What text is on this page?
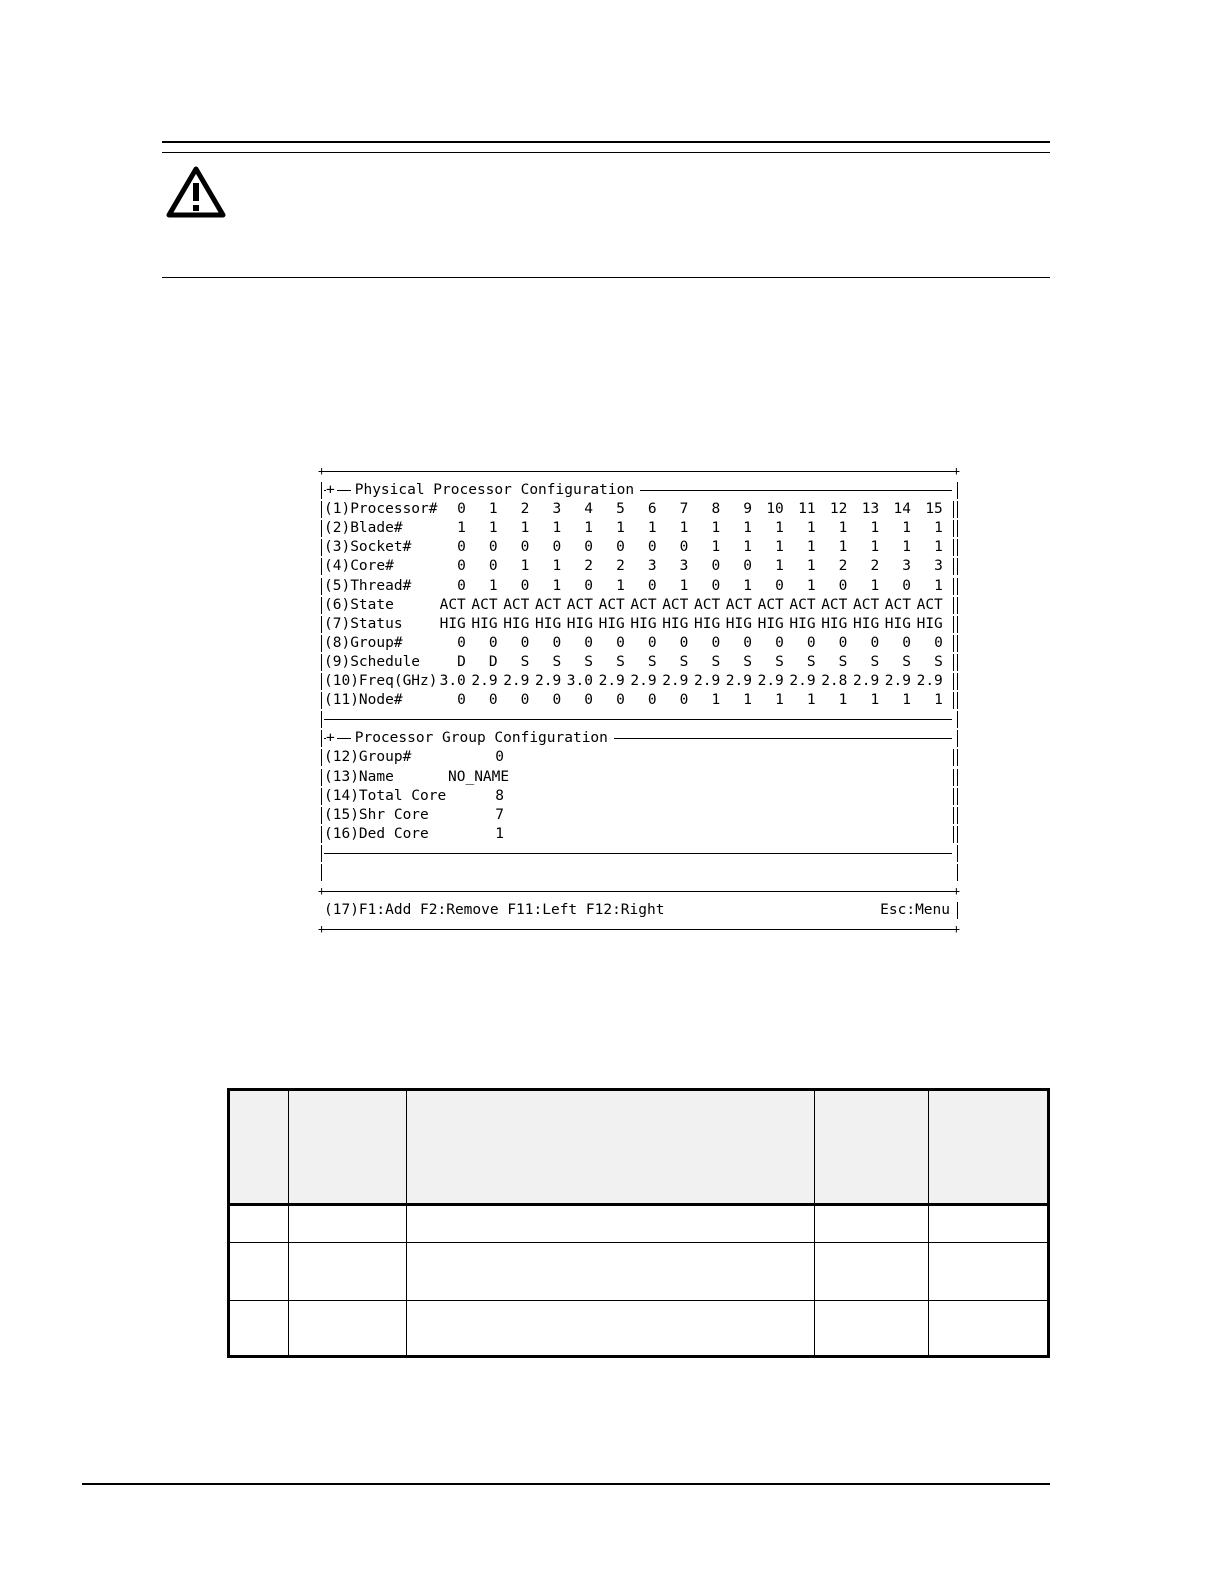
+	+
+ Physical Processor Configuration
(1)Processor#	0	1	2	3	4	5	6	7	8	9 10 11 12 13 14 15
(2)Blade#	1	1	1	1	1	1	1	1	1	1	1	1	1	1	1	1
(3)Socket#	0	0	0	0	0	0	0	0	1	1	1	1	1	1	1	1
(4)Core#	0	0	1	1	2	2	3	3	0	0	1	1	2	2	3	3
(5)Thread#	0	1	0	1	0	1	0	1	0	1	0	1	0	1	0	1
(6)State	ACT ACT ACT ACT ACT ACT ACT ACT ACT ACT ACT ACT ACT ACT ACT ACT
(7)Status	HIG HIG HIG HIG HIG HIG HIG HIG HIG HIG HIG HIG HIG HIG HIG HIG
(8)Group#	0	0	0	0	0	0	0	0	0	0	0	0	0	0	0	0
(9)Schedule	D	D	S	S	S	S	S	S	S	S	S	S	S	S	S	S
(10)Freq(GHz) 3.0 2.9 2.9 2.9 3.0 2.9 2.9 2.9 2.9 2.9 2.9 2.9 2.8 2.9 2.9 2.9
(11)Node#	0	0	0	0	0	0	0	0	1	1	1	1	1	1	1	1
+ Processor Group Configuration
(12)Group#	0
(13)Name	NO_NAME
(14)Total Core	8
(15)Shr Core	7
(16)Ded Core	1
+	+
(17)F1:Add F2:Remove F11:Left F12:Right	Esc:Menu
+	+
